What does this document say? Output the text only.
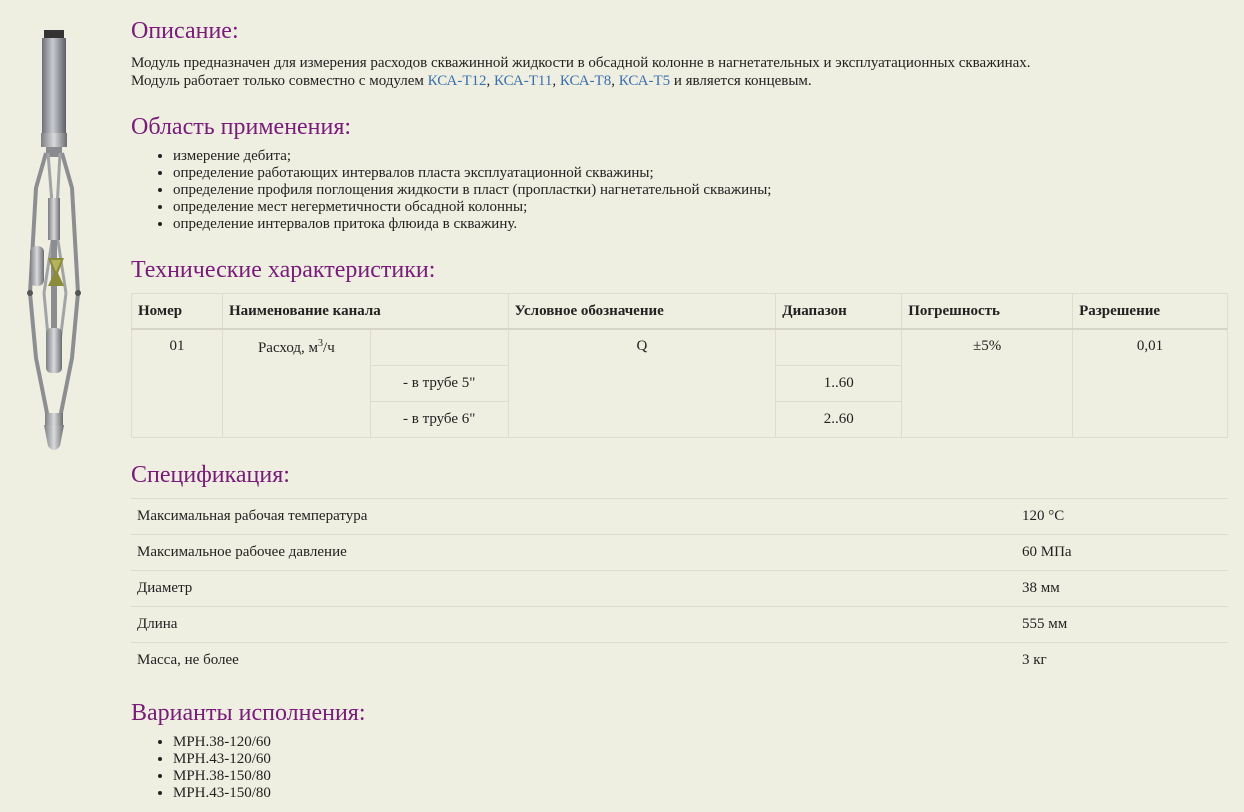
Описание:

Модуль предназначен для измерения расходов скважинной жидкости в обсадной колонне в нагнетательных и эксплуатационных скважинах.
Модуль работает только совместно с модулем КСА-Т12, КСА-Т11, КСА-Т8, КСА-Т5 и является концевым.

Область применения:
• измерение дебита;
• определение работающих интервалов пласта эксплуатационной скважины;
• определение профиля поглощения жидкости в пласт (пропластки) нагнетательной скважины;
• определение мест негерметичности обсадной колонны;
• определение интервалов притока флюида в скважину.
Технические характеристики:
Номер	Наименование канала		Условное обозначение	Диапазон	Погрешность	Разрешение
01	Расход, $м^3/ч$		Q		±5%	0,01
		- в трубе 5"		1..60		
		- в трубе 6"		2..60		
Спецификация:
Максимальная рабочая температура	120 °С
Максимальное рабочее давление	60 МПа
Диаметр	38 мм
Длина	555 мм
Масса, не более	3 кг
Варианты исполнения:
• МРН.38-120/60
• МРН.43-120/60
• МРН.38-150/80
• МРН.43-150/80
